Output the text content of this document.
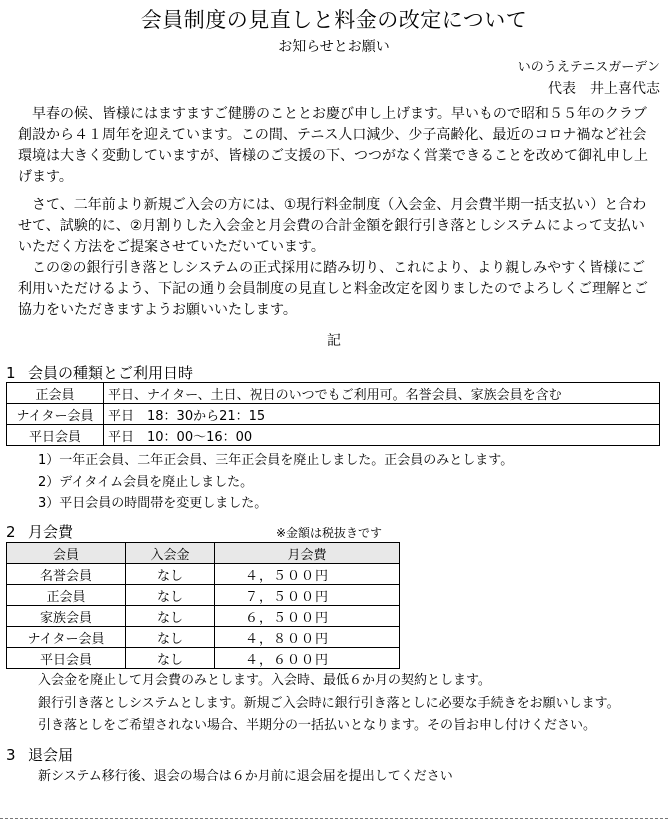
会員制度の見直しと料金の改定について
お知らせとお願い
いのうえテニスガーデン
代表　井上喜代志

早春の候、皆様にはますますご健勝のこととお慶び申し上げます。早いもので昭和５５年のクラブ創設から４１周年を迎えています。この間、テニス人口減少、少子高齢化、最近のコロナ禍など社会環境は大きく変動していますが、皆様のご支援の下、つつがなく営業できることを改めて御礼申し上げます。

さて、二年前より新規ご入会の方には、①現行料金制度（入会金、月会費半期一括支払い）と合わせて、試験的に、②月割りした入会金と月会費の合計金額を銀行引き落としシステムによって支払いいただく方法をご提案させていただいています。

この②の銀行引き落としシステムの正式採用に踏み切り、これにより、より親しみやすく皆様にご利用いただけるよう、下記の通り会員制度の見直しと料金改定を図りましたのでよろしくご理解とご協力をいただきますようお願いいたします。

記
1 会員の種類とご利用日時
正会員	平日、ナイター、土日、祝日のいつでもご利用可。名誉会員、家族会員を含む
ナイター会員	平日　18：30から21：15
平日会員	平日　10：00～16：00
1）一年正会員、二年正会員、三年正会員を廃止しました。正会員のみとします。
2）デイタイム会員を廃止しました。
3）平日会員の時間帯を変更しました。
2 月会費	※金額は税抜きです
会員	入会金	月会費
名誉会員	なし	４，５００円
正会員	なし	７，５００円
家族会員	なし	６，５００円
ナイター会員	なし	４，８００円
平日会員	なし	４，６００円
入会金を廃止して月会費のみとします。入会時、最低６か月の契約とします。
銀行引き落としシステムとします。新規ご入会時に銀行引き落としに必要な手続きをお願いします。
引き落としをご希望されない場合、半期分の一括払いとなります。その旨お申し付けください。
3 退会届
新システム移行後、退会の場合は６か月前に退会届を提出してください
